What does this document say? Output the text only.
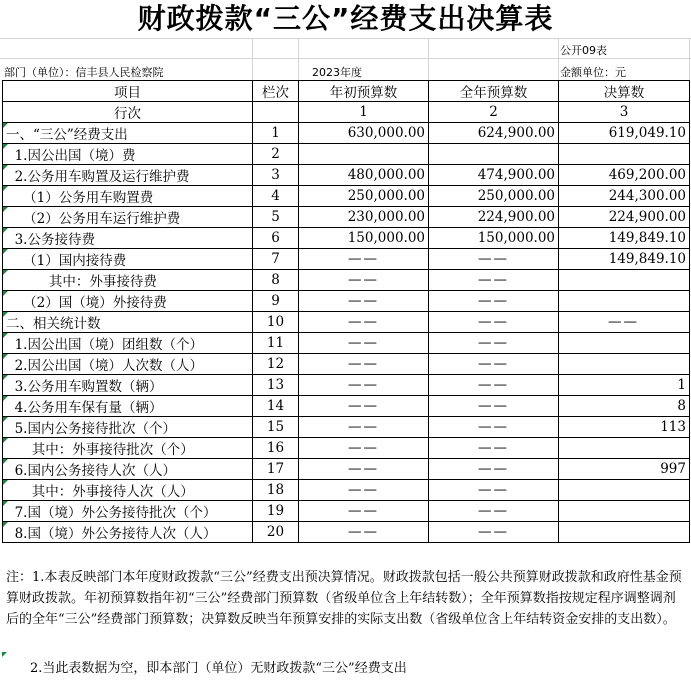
财政拨款“三公”经费支出决算表
公开09表
部门（单位）：信丰县人民检察院	2023年度	金额单位：元
项目	栏次	年初预算数	全年预算数	决算数
行次		1	2	3
一、“三公”经费支出	1	630,000.00	624,900.00	619,049.10
1.因公出国（境）费	2			
2.公务用车购置及运行维护费	3	480,000.00	474,900.00	469,200.00
（1）公务用车购置费	4	250,000.00	250,000.00	244,300.00
（2）公务用车运行维护费	5	230,000.00	224,900.00	224,900.00
3.公务接待费	6	150,000.00	150,000.00	149,849.10
（1）国内接待费	7	——	——	149,849.10
其中：外事接待费	8	——	——	
（2）国（境）外接待费	9	——	——	
二、相关统计数	10	——	——	——
1.因公出国（境）团组数（个）	11	——	——	
2.因公出国（境）人次数（人）	12	——	——	
3.公务用车购置数（辆）	13	——	——	1
4.公务用车保有量（辆）	14	——	——	8
5.国内公务接待批次（个）	15	——	——	113
其中：外事接待批次（个）	16	——	——	
6.国内公务接待人次（人）	17	——	——	997
其中：外事接待人次（人）	18	——	——	
7.国（境）外公务接待批次（个）	19	——	——	
8.国（境）外公务接待人次（人）	20	——	——	
注：1.本表反映部门本年度财政拨款“三公”经费支出预决算情况。财政拨款包括一般公共预算财政拨款和政府性基金预算财政拨款。年初预算数指年初“三公”经费部门预算数（省级单位含上年结转数）；全年预算数指按规定程序调整调剂后的全年“三公”经费部门预算数；决算数反映当年预算安排的实际支出数（省级单位含上年结转资金安排的支出数）。
2.当此表数据为空，即本部门（单位）无财政拨款“三公”经费支出
